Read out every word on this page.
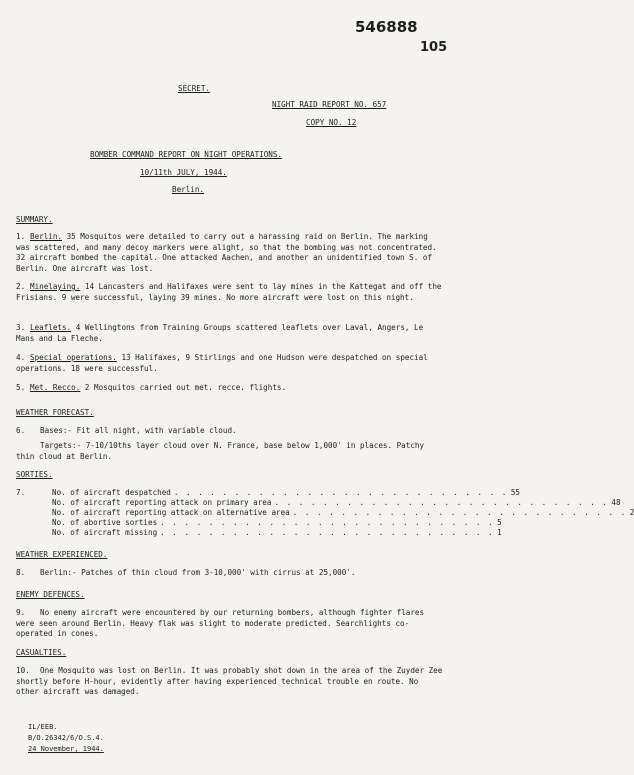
546888
105
SECRET.
NIGHT RAID REPORT NO. 657
COPY NO. 12
BOMBER COMMAND REPORT ON NIGHT OPERATIONS.
10/11th JULY, 1944.
Berlin.
SUMMARY.
1. Berlin. 35 Mosquitos were detailed to carry out a harassing raid on Berlin. The marking was scattered, and many decoy markers were alight, so that the bombing was not concentrated. 32 aircraft bombed the capital. One attacked Aachen, and another an unidentified town S. of Berlin. One aircraft was lost.
2. Minelaying. 14 Lancasters and Halifaxes were sent to lay mines in the Kattegat and off the Frisians. 9 were successful, laying 39 mines. No more aircraft were lost on this night.
3. Leaflets. 4 Wellingtons from Training Groups scattered leaflets over Laval, Angers, Le Mans and La Fleche.
4. Special operations. 13 Halifaxes, 9 Stirlings and one Hudson were despatched on special operations. 18 were successful.
5. Met. Recco. 2 Mosquitos carried out met. recce. flights.
WEATHER FORECAST.
6. Bases:- Fit all night, with variable cloud.
Targets:- 7-10/10ths layer cloud over N. France, base below 1,000' in places. Patchy thin cloud at Berlin.
SORTIES.
7.	No. of aircraft despatched . . . . . . . . . . . . . . . . . . . . . . . . . . . . 55
No. of aircraft reporting attack on primary area . . . . . . . . . . . . . . . . . . . . . . . . . . . . 48
No. of aircraft reporting attack on alternative area . . . . . . . . . . . . . . . . . . . . . . . . . . . . 2
No. of abortive sorties . . . . . . . . . . . . . . . . . . . . . . . . . . . . 5
No. of aircraft missing . . . . . . . . . . . . . . . . . . . . . . . . . . . . 1
WEATHER EXPERIENCED.
8. Berlin:- Patches of thin cloud from 3-10,000' with cirrus at 25,000'.
ENEMY DEFENCES.
9. No enemy aircraft were encountered by our returning bombers, although fighter flares were seen around Berlin. Heavy flak was slight to moderate predicted. Searchlights co-operated in cones.
CASUALTIES.
10. One Mosquito was lost on Berlin. It was probably shot down in the area of the Zuyder Zee shortly before H-hour, evidently after having experienced technical trouble en route. No other aircraft was damaged.
IL/EEB.
B/O.26342/6/O.S.4.
24 November, 1944.
